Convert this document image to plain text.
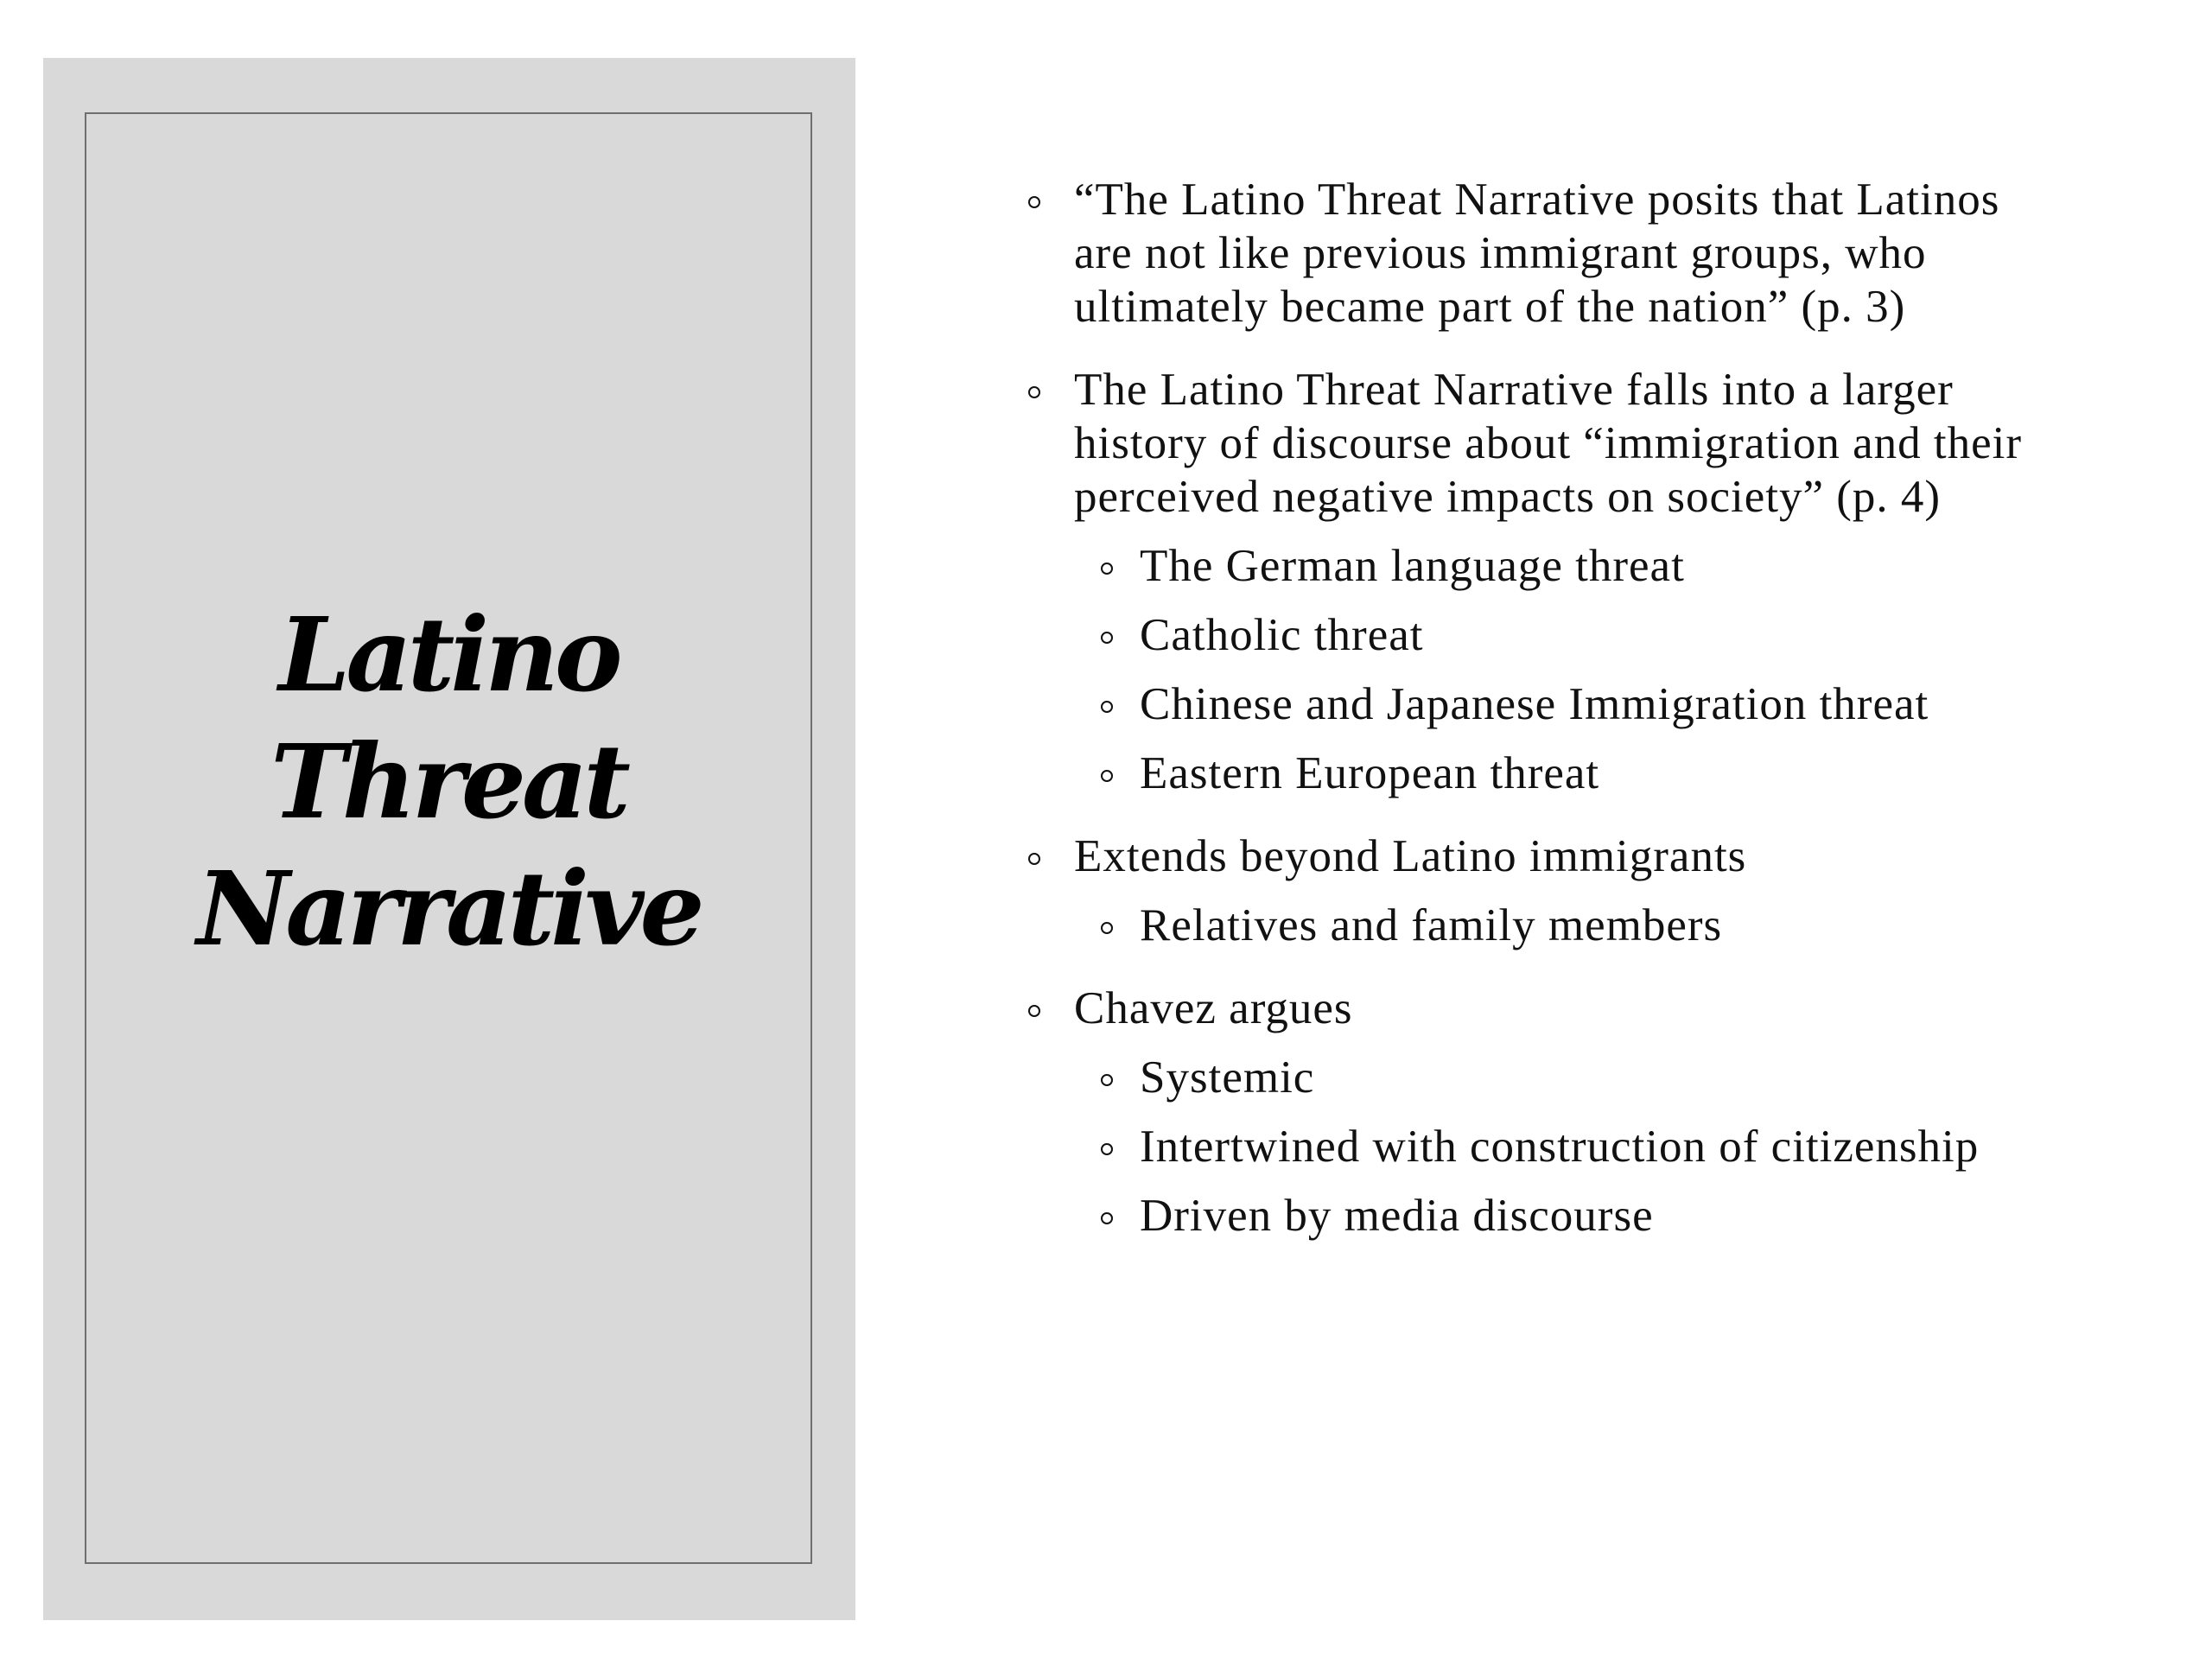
Latino
Threat
Narrative
“The Latino Threat Narrative posits that Latinos are not like previous immigrant groups, who ultimately became part of the nation” (p. 3)
The Latino Threat Narrative falls into a larger history of discourse about “immigration and their perceived negative impacts on society” (p. 4)
The German language threat
Catholic threat
Chinese and Japanese Immigration threat
Eastern European threat
Extends beyond Latino immigrants
Relatives and family members
Chavez argues
Systemic
Intertwined with construction of citizenship
Driven by media discourse
